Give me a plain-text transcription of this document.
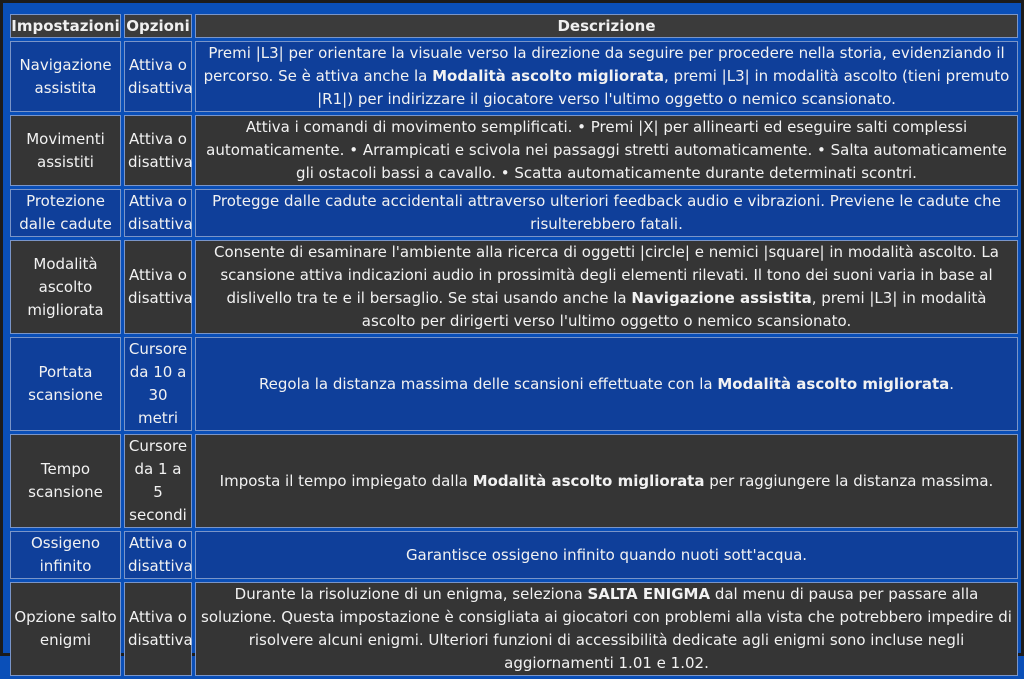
Impostazioni	Opzioni	Descrizione
Navigazione assistita	Attiva o disattiva	Premi |L3| per orientare la visuale verso la direzione da seguire per procedere nella storia, evidenziando il percorso. Se è attiva anche la Modalità ascolto migliorata, premi |L3| in modalità ascolto (tieni premuto |R1|) per indirizzare il giocatore verso l'ultimo oggetto o nemico scansionato.
Movimenti assistiti	Attiva o disattiva	Attiva i comandi di movimento semplificati. • Premi |X| per allinearti ed eseguire salti complessi automaticamente. • Arrampicati e scivola nei passaggi stretti automaticamente. • Salta automaticamente gli ostacoli bassi a cavallo. • Scatta automaticamente durante determinati scontri.
Protezione dalle cadute	Attiva o disattiva	Protegge dalle cadute accidentali attraverso ulteriori feedback audio e vibrazioni. Previene le cadute che risulterebbero fatali.
Modalità ascolto migliorata	Attiva o disattiva	Consente di esaminare l'ambiente alla ricerca di oggetti |circle| e nemici |square| in modalità ascolto. La scansione attiva indicazioni audio in prossimità degli elementi rilevati. Il tono dei suoni varia in base al dislivello tra te e il bersaglio. Se stai usando anche la Navigazione assistita, premi |L3| in modalità ascolto per dirigerti verso l'ultimo oggetto o nemico scansionato.
Portata scansione	Cursore da 10 a 30 metri	Regola la distanza massima delle scansioni effettuate con la Modalità ascolto migliorata.
Tempo scansione	Cursore da 1 a 5 secondi	Imposta il tempo impiegato dalla Modalità ascolto migliorata per raggiungere la distanza massima.
Ossigeno infinito	Attiva o disattiva	Garantisce ossigeno infinito quando nuoti sott'acqua.
Opzione salto enigmi	Attiva o disattiva	Durante la risoluzione di un enigma, seleziona SALTA ENIGMA dal menu di pausa per passare alla soluzione. Questa impostazione è consigliata ai giocatori con problemi alla vista che potrebbero impedire di risolvere alcuni enigmi. Ulteriori funzioni di accessibilità dedicate agli enigmi sono incluse negli aggiornamenti 1.01 e 1.02.
